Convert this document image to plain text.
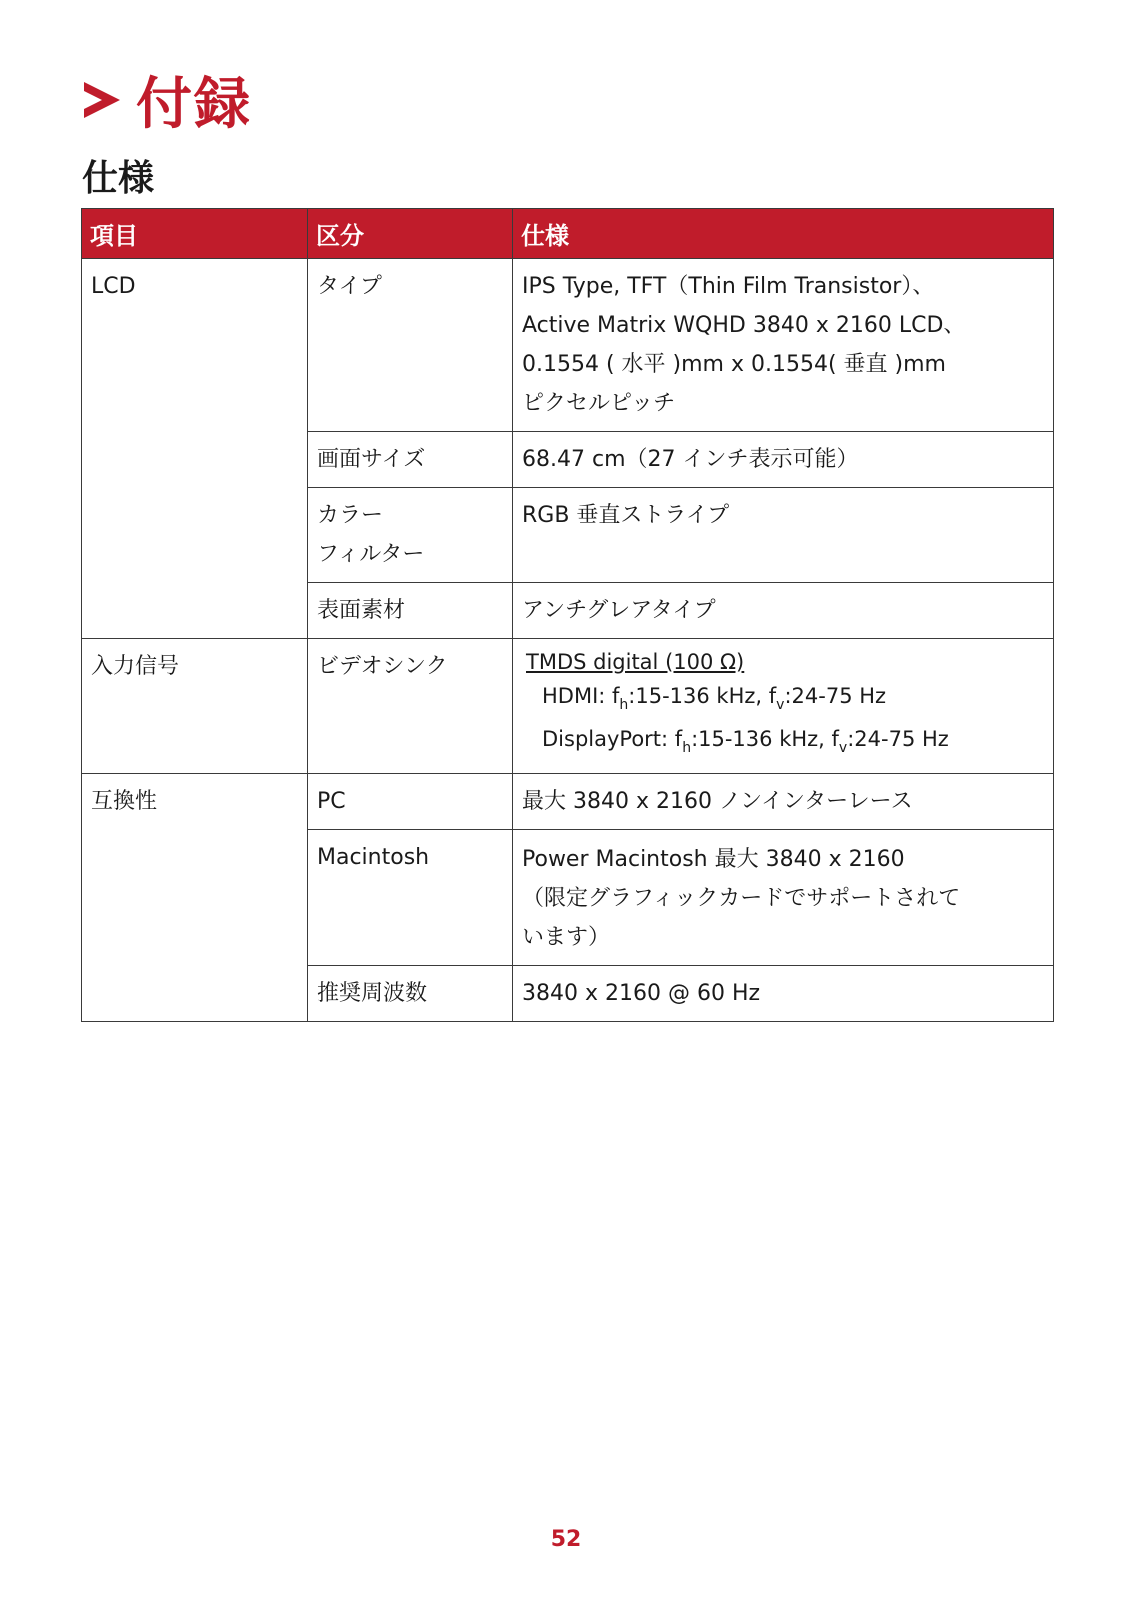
付録
仕様
項目	区分	仕様
LCD	タイプ	IPS Type, TFT（Thin Film Transistor）、
Active Matrix WQHD 3840 x 2160 LCD、
0.1554 ( 水平 )mm x 0.1554( 垂直 )mm
ピクセルピッチ

	画面サイズ	68.47 cm（27 インチ表示可能）

	カラー
フィルター	RGB 垂直ストライプ
	表面素材	アンチグレアタイプ
入力信号	ビデオシンク	TMDS digital (100 Ω)
HDMI: $f_h:15-136$ kHz, $f_v:24-75$ Hz
DisplayPort: $f_h:15-136$ kHz, $f_v:24-75$ Hz

互換性	PC	最大 3840 x 2160 ノンインターレース
	Macintosh	Power Macintosh 最大 3840 x 2160
（限定グラフィックカードでサポートされて
います）

	推奨周波数	3840 x 2160 @ 60 Hz
52
